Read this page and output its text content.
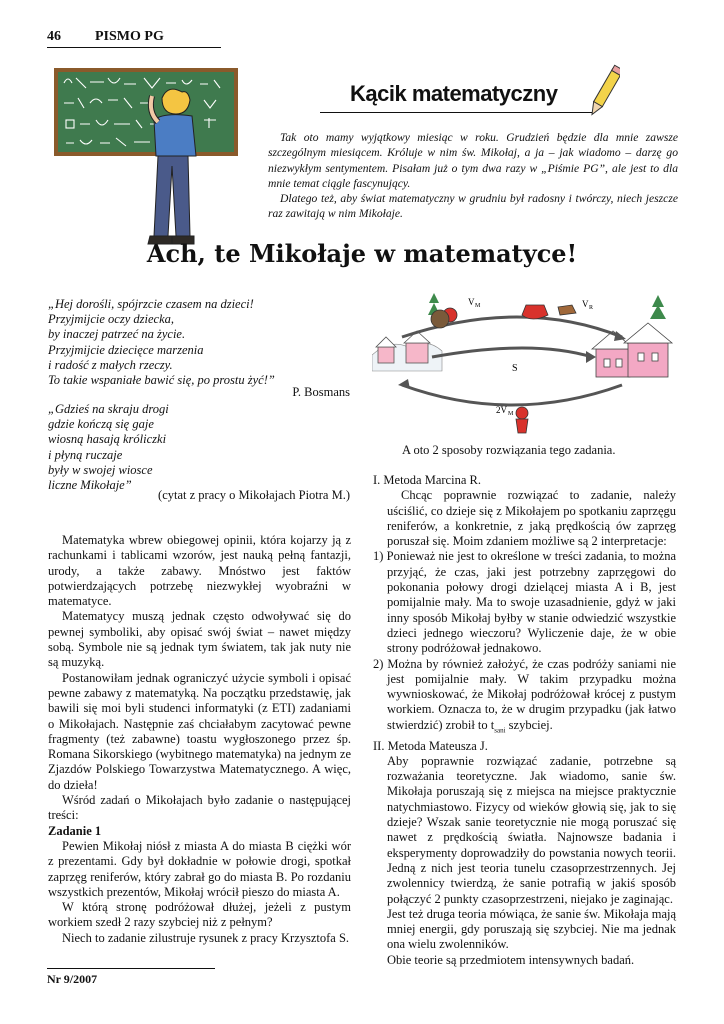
46 PISMO PG
Kącik matematyczny

Tak oto mamy wyjątkowy miesiąc w roku. Grudzień będzie dla mnie zawsze szczególnym miesiącem. Króluje w nim św. Mikołaj, a ja – jak wiadomo – darzę go niezwykłym sentymentem. Pisałam już o tym dwa razy w „Piśmie PG”, ale jest to dla mnie temat ciągle fascynujący.

Dlatego też, aby świat matematyczny w grudniu był radosny i twórczy, niech jeszcze raz zawitają w nim Mikołaje.

Ach, te Mikołaje w matematyce!
„Hej dorośli, spójrzcie czasem na dzieci!
Przyjmijcie oczy dziecka,
by inaczej patrzeć na życie.
Przyjmijcie dziecięce marzenia
i radość z małych rzeczy.
To takie wspaniałe bawić się, po prostu żyć!”
P. Bosmans
„Gdzieś na skraju drogi
gdzie kończą się gaje
wiosną hasają króliczki
i płyną ruczaje
były w swojej wiosce
liczne Mikołaje”
(cytat z pracy o Mikołajach Piotra M.)

Matematyka wbrew obiegowej opinii, która kojarzy ją z rachunkami i tablicami wzorów, jest nauką pełną fantazji, urody, a także zabawy. Mnóstwo jest faktów potwierdzających potrzebę niezwykłej wyobraźni w matematyce.

Matematycy muszą jednak często odwoływać się do pewnej symboliki, aby opisać swój świat – nawet między sobą. Symbole nie są jednak tym światem, tak jak nuty nie są muzyką.

Postanowiłam jednak ograniczyć użycie symboli i opisać pewne zabawy z matematyką. Na początku przedstawię, jak bawili się moi byli studenci informatyki (z ETI) zadaniami o Mikołajach. Następnie zaś chciałabym zacytować pewne fragmenty (też zabawne) toastu wygłoszonego przez śp. Romana Sikorskiego (wybitnego matematyka) na jednym ze Zjazdów Polskiego Towarzystwa Matematycznego. A więc, do dzieła!

Wśród zadań o Mikołajach było zadanie o następującej treści:

Zadanie 1

Pewien Mikołaj niósł z miasta A do miasta B ciężki wór z prezentami. Gdy był dokładnie w połowie drogi, spotkał zaprzęg reniferów, który zabrał go do miasta B. Po rozdaniu wszystkich prezentów, Mikołaj wrócił pieszo do miasta A.

W którą stronę podróżował dłużej, jeżeli z pustym workiem szedł 2 razy szybciej niż z pełnym?

Niech to zadanie zilustruje rysunek z pracy Krzysztofa S.

V M	V R
S
2V M
A oto 2 sposoby rozwiązania tego zadania.

I. Metoda Marcina R.

Chcąc poprawnie rozwiązać to zadanie, należy uściślić, co dzieje się z Mikołajem po spotkaniu zaprzęgu reniferów, a konkretnie, z jaką prędkością ów zaprzęg poruszał się. Moim zdaniem możliwe są 2 interpretacje:

1) Ponieważ nie jest to określone w treści zadania, to można przyjąć, że czas, jaki jest potrzebny zaprzęgowi do pokonania połowy drogi dzielącej miasta A i B, jest pomijalnie mały. Ma to swoje uzasadnienie, gdyż w jaki inny sposób Mikołaj byłby w stanie odwiedzić wszystkie dzieci jednego wieczoru? Wyliczenie daje, że w obie strony podróżował jednakowo.

2) Można by również założyć, że czas podróży saniami nie jest pomijalnie mały. W takim przypadku można wywnioskować, że Mikołaj podróżował krócej z pustym workiem. Oznacza to, że w drugim przypadku (jak łatwo stwierdzić) zrobił to $t_{sani}$ szybciej.

II. Metoda Mateusza J.

Aby poprawnie rozwiązać zadanie, potrzebne są rozważania teoretyczne. Jak wiadomo, sanie św. Mikołaja poruszają się z miejsca na miejsce praktycznie natychmiastowo. Fizycy od wieków głowią się, jak to się dzieje? Wszak sanie teoretycznie nie mogą poruszać się nawet z prędkością światła. Najnowsze badania i eksperymenty doprowadziły do powstania nowych teorii. Jedną z nich jest teoria tunelu czasoprzestrzennych. Jej zwolennicy twierdzą, że sanie potrafią w jakiś sposób połączyć 2 punkty czasoprzestrzeni, niejako je zaginając.

Jest też druga teoria mówiąca, że sanie św. Mikołaja mają mniej energii, gdy poruszają się szybciej. Nie ma jednak ona wielu zwolenników.

Obie teorie są przedmiotem intensywnych badań.

Nr 9/2007
